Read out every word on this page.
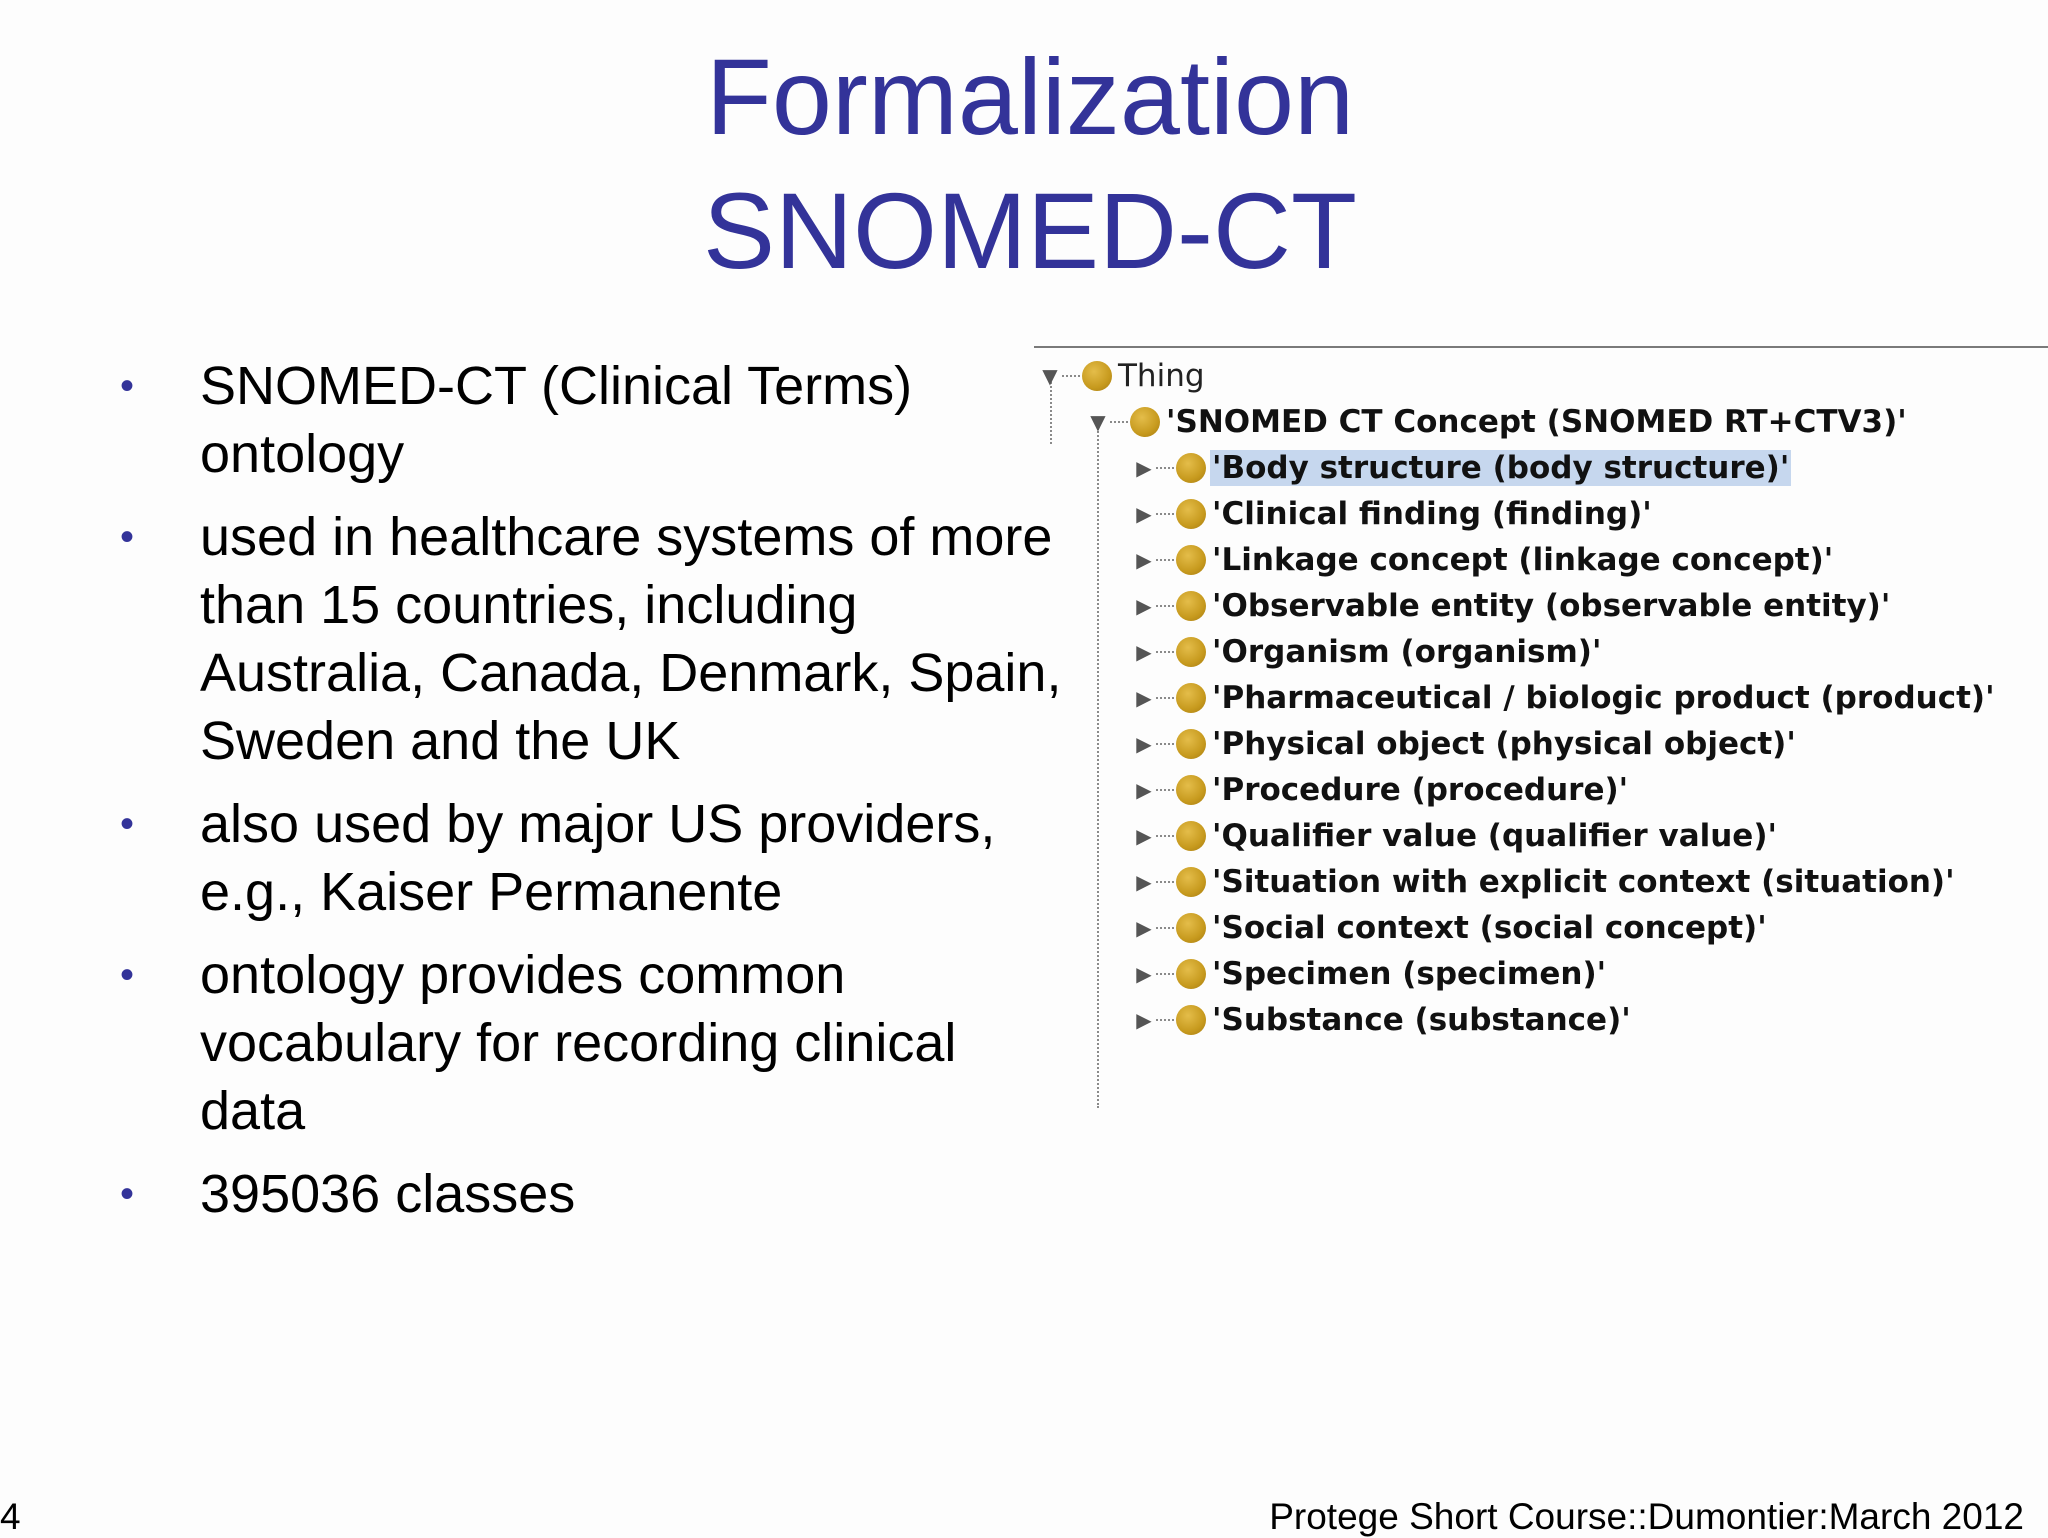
Formalization
SNOMED-CT
• SNOMED-CT (Clinical Terms) ontology
• used in healthcare systems of more than 15 countries, including Australia, Canada, Denmark, Spain, Sweden and the UK
• also used by major US providers, e.g., Kaiser Permanente
• ontology provides common vocabulary for recording clinical data
• 395036 classes
▼ Thing
▼ 'SNOMED CT Concept (SNOMED RT+CTV3)'
▶ 'Body structure (body structure)'
▶ 'Clinical finding (finding)'
▶ 'Linkage concept (linkage concept)'
▶ 'Observable entity (observable entity)'
▶ 'Organism (organism)'
▶ 'Pharmaceutical / biologic product (product)'
▶ 'Physical object (physical object)'
▶ 'Procedure (procedure)'
▶ 'Qualifier value (qualifier value)'
▶ 'Situation with explicit context (situation)'
▶ 'Social context (social concept)'
▶ 'Specimen (specimen)'
▶ 'Substance (substance)'
4	Protege Short Course::Dumontier:March 2012
